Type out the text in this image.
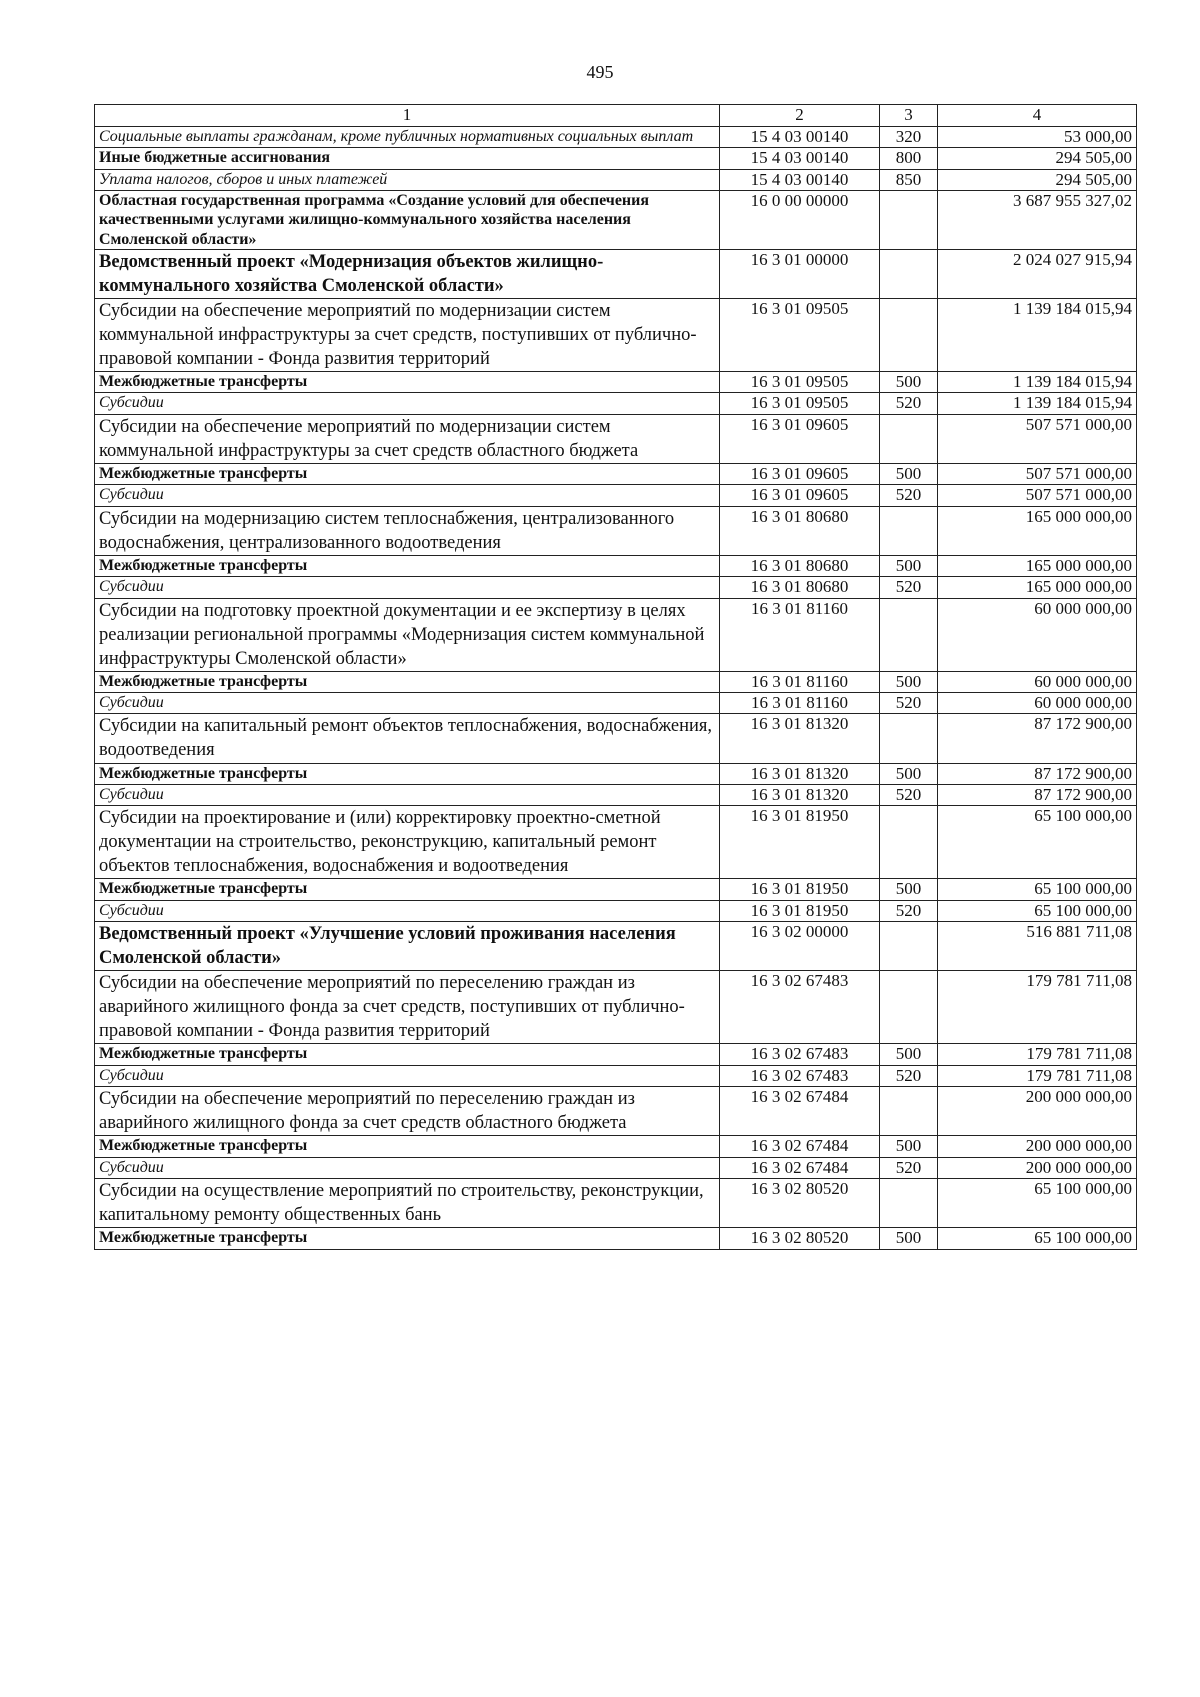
495
1	2	3	4
Социальные выплаты гражданам, кроме публичных нормативных социальных выплат	15 4 03 00140	320	53 000,00
Иные бюджетные ассигнования	15 4 03 00140	800	294 505,00
Уплата налогов, сборов и иных платежей	15 4 03 00140	850	294 505,00
Областная государственная программа «Создание условий для обеспечения качественными услугами жилищно-коммунального хозяйства населения Смоленской области»	16 0 00 00000		3 687 955 327,02
Ведомственный проект «Модернизация объектов жилищно-коммунального хозяйства Смоленской области»	16 3 01 00000		2 024 027 915,94
Субсидии на обеспечение мероприятий по модернизации систем коммунальной инфраструктуры за счет средств, поступивших от публично-правовой компании - Фонда развития территорий	16 3 01 09505		1 139 184 015,94
Межбюджетные трансферты	16 3 01 09505	500	1 139 184 015,94
Субсидии	16 3 01 09505	520	1 139 184 015,94
Субсидии на обеспечение мероприятий по модернизации систем коммунальной инфраструктуры за счет средств областного бюджета	16 3 01 09605		507 571 000,00
Межбюджетные трансферты	16 3 01 09605	500	507 571 000,00
Субсидии	16 3 01 09605	520	507 571 000,00
Субсидии на модернизацию систем теплоснабжения, централизованного водоснабжения, централизованного водоотведения	16 3 01 80680		165 000 000,00
Межбюджетные трансферты	16 3 01 80680	500	165 000 000,00
Субсидии	16 3 01 80680	520	165 000 000,00
Субсидии на подготовку проектной документации и ее экспертизу в целях реализации региональной программы «Модернизация систем коммунальной инфраструктуры Смоленской области»	16 3 01 81160		60 000 000,00
Межбюджетные трансферты	16 3 01 81160	500	60 000 000,00
Субсидии	16 3 01 81160	520	60 000 000,00
Субсидии на капитальный ремонт объектов теплоснабжения, водоснабжения, водоотведения	16 3 01 81320		87 172 900,00
Межбюджетные трансферты	16 3 01 81320	500	87 172 900,00
Субсидии	16 3 01 81320	520	87 172 900,00
Субсидии на проектирование и (или) корректировку проектно-сметной документации на строительство, реконструкцию, капитальный ремонт объектов теплоснабжения, водоснабжения и водоотведения	16 3 01 81950		65 100 000,00
Межбюджетные трансферты	16 3 01 81950	500	65 100 000,00
Субсидии	16 3 01 81950	520	65 100 000,00
Ведомственный проект «Улучшение условий проживания населения Смоленской области»	16 3 02 00000		516 881 711,08
Субсидии на обеспечение мероприятий по переселению граждан из аварийного жилищного фонда за счет средств, поступивших от публично-правовой компании - Фонда развития территорий	16 3 02 67483		179 781 711,08
Межбюджетные трансферты	16 3 02 67483	500	179 781 711,08
Субсидии	16 3 02 67483	520	179 781 711,08
Субсидии на обеспечение мероприятий по переселению граждан из аварийного жилищного фонда за счет средств областного бюджета	16 3 02 67484		200 000 000,00
Межбюджетные трансферты	16 3 02 67484	500	200 000 000,00
Субсидии	16 3 02 67484	520	200 000 000,00
Субсидии на осуществление мероприятий по строительству, реконструкции, капитальному ремонту общественных бань	16 3 02 80520		65 100 000,00
Межбюджетные трансферты	16 3 02 80520	500	65 100 000,00
